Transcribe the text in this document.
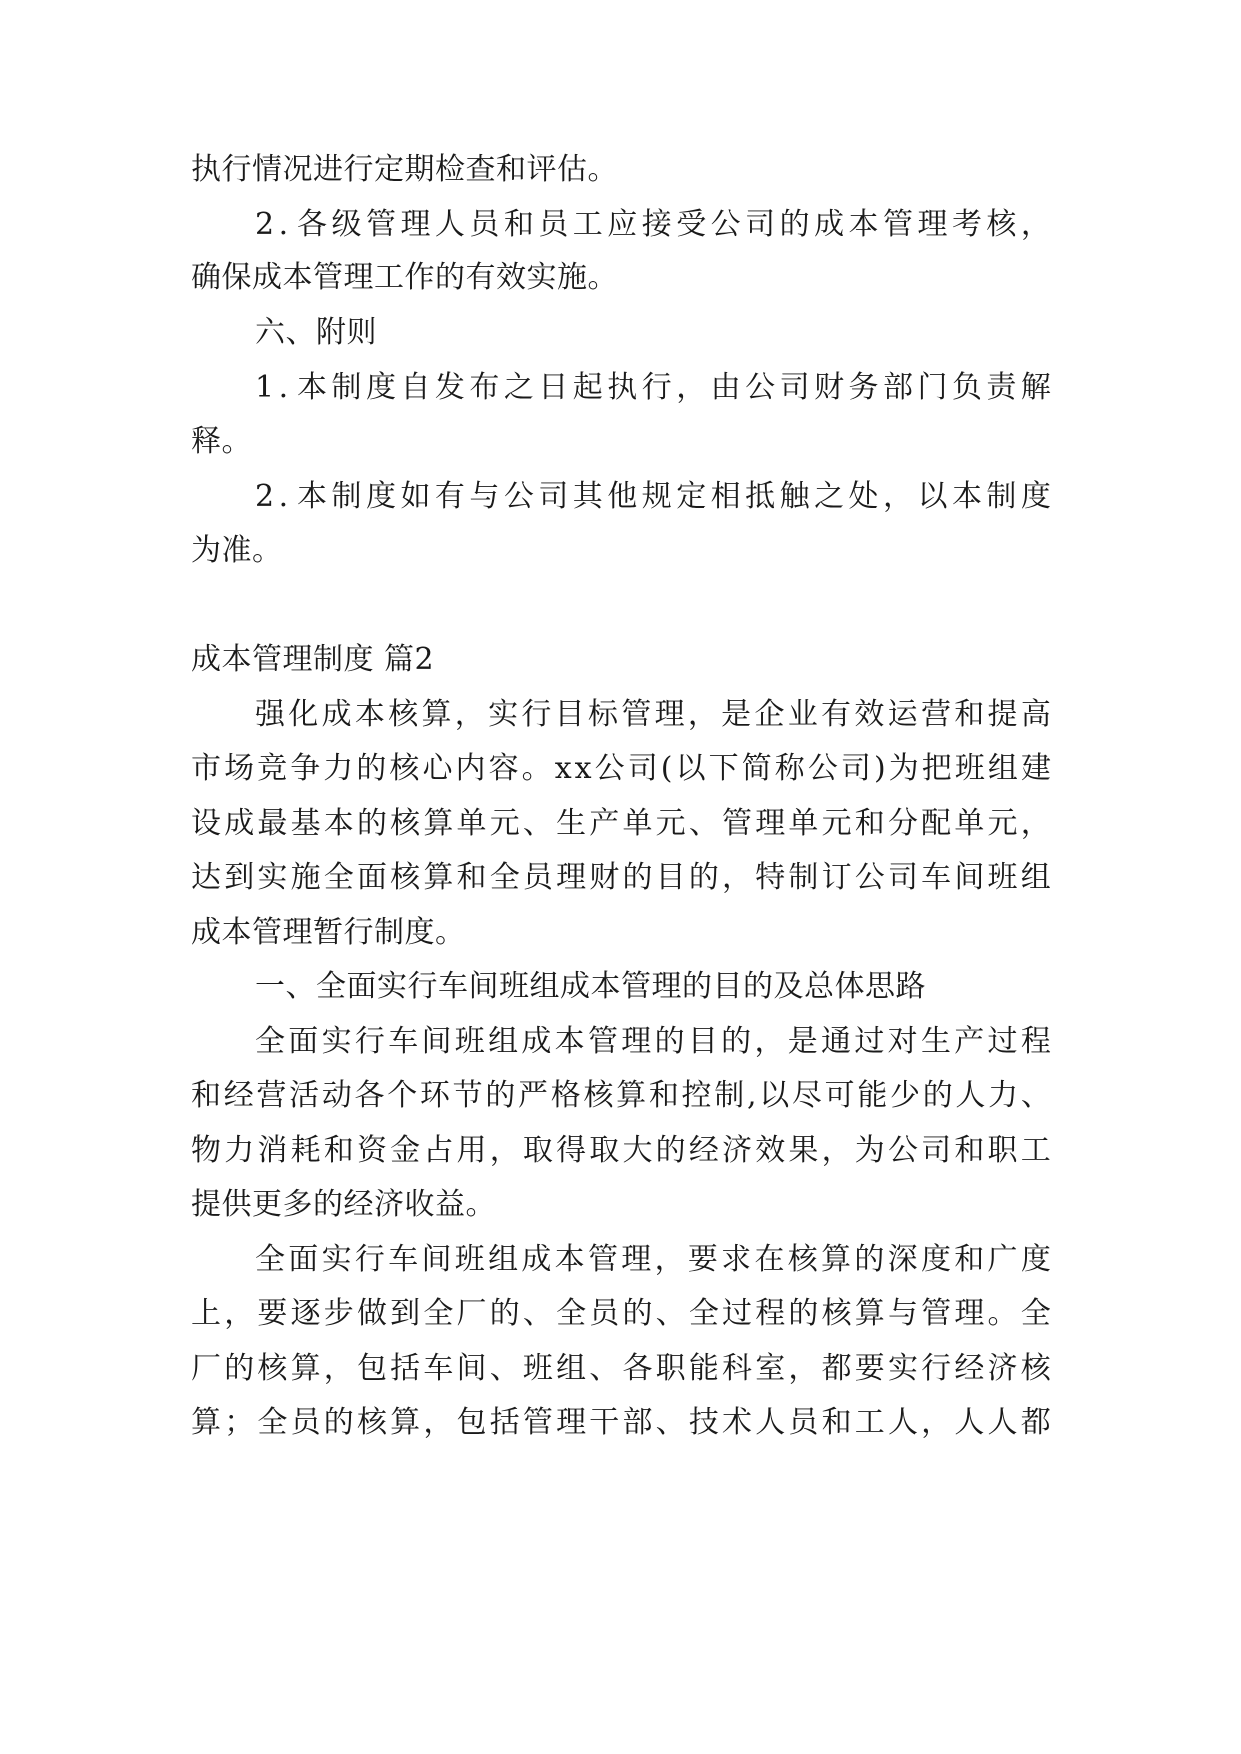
执行情况进行定期检查和评估。
2 . 各 级 管 理 人 员 和 员 工 应 接 受 公 司 的 成 本 管 理 考 核 ，
确保成本管理工作的有效实施。
六、附则
1 . 本 制 度 自 发 布 之 日 起 执 行 ， 由 公 司 财 务 部 门 负 责 解
释。
2 . 本 制 度 如 有 与 公 司 其 他 规 定 相 抵 触 之 处 ， 以 本 制 度
为准。
成本管理制度 篇2
强 化 成 本 核 算 ， 实 行 目 标 管 理 ， 是 企 业 有 效 运 营 和 提 高
市 场 竞 争 力 的 核 心 内 容 。 x x 公 司 ( 以 下 简 称 公 司 ) 为 把 班 组 建
设 成 最 基 本 的 核 算 单 元 、 生 产 单 元 、 管 理 单 元 和 分 配 单 元 ，
达 到 实 施 全 面 核 算 和 全 员 理 财 的 目 的 ， 特 制 订 公 司 车 间 班 组
成本管理暂行制度。
一、全面实行车间班组成本管理的目的及总体思路
全 面 实 行 车 间 班 组 成 本 管 理 的 目 的 ， 是 通 过 对 生 产 过 程
和 经 营 活 动 各 个 环 节 的 严 格 核 算 和 控 制 , 以 尽 可 能 少 的 人 力 、
物 力 消 耗 和 资 金 占 用 ， 取 得 取 大 的 经 济 效 果 ， 为 公 司 和 职 工
提供更多的经济收益。
全 面 实 行 车 间 班 组 成 本 管 理 ， 要 求 在 核 算 的 深 度 和 广 度
上 ， 要 逐 步 做 到 全 厂 的 、 全 员 的 、 全 过 程 的 核 算 与 管 理 。 全
厂 的 核 算 ， 包 括 车 间 、 班 组 、 各 职 能 科 室 ， 都 要 实 行 经 济 核
算 ； 全 员 的 核 算 ， 包 括 管 理 干 部 、 技 术 人 员 和 工 人 ， 人 人 都
